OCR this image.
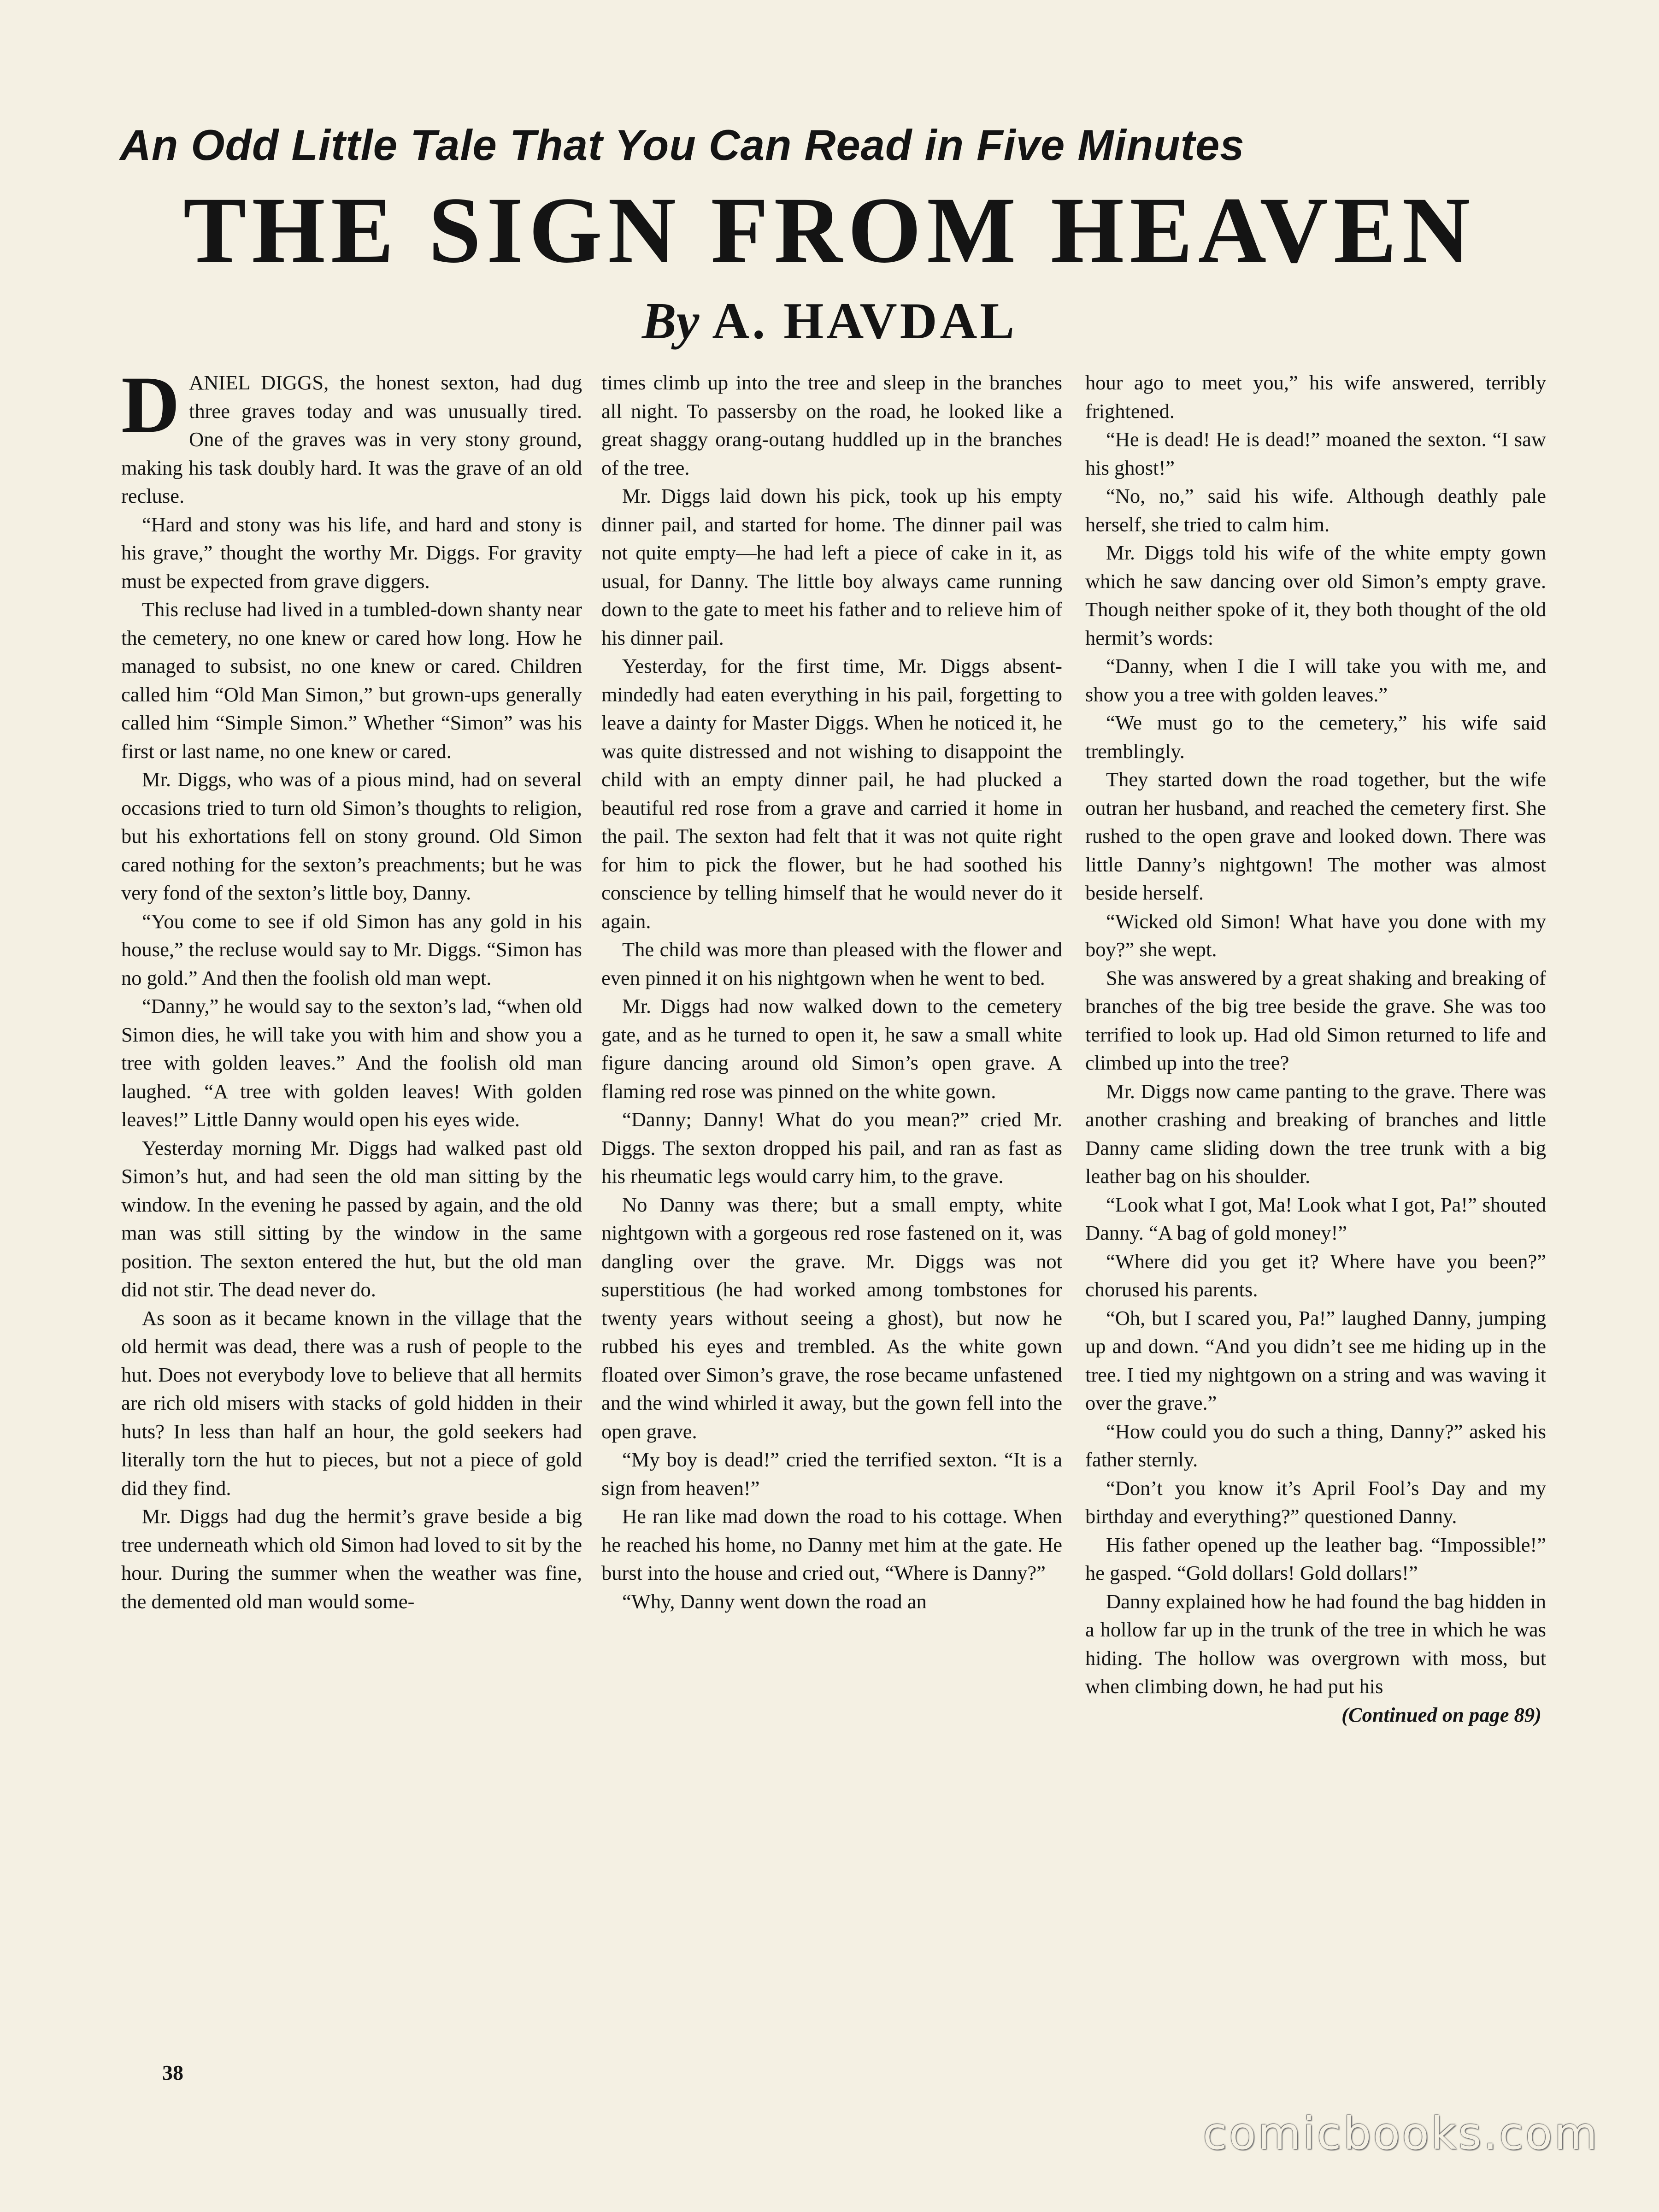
An Odd Little Tale That You Can Read in Five Minutes
THE SIGN FROM HEAVEN
By A. HAVDAL

DANIEL DIGGS, the honest sexton, had dug three graves today and was unusually tired. One of the graves was in very stony ground, making his task doubly hard. It was the grave of an old recluse.

“Hard and stony was his life, and hard and stony is his grave,” thought the worthy Mr. Diggs. For gravity must be expected from grave diggers.

This recluse had lived in a tumbled-down shanty near the cemetery, no one knew or cared how long. How he managed to subsist, no one knew or cared. Children called him “Old Man Simon,” but grown-ups generally called him “Simple Simon.” Whether “Simon” was his first or last name, no one knew or cared.

Mr. Diggs, who was of a pious mind, had on several occasions tried to turn old Simon’s thoughts to religion, but his exhortations fell on stony ground. Old Simon cared nothing for the sexton’s preachments; but he was very fond of the sexton’s little boy, Danny.

“You come to see if old Simon has any gold in his house,” the recluse would say to Mr. Diggs. “Simon has no gold.” And then the foolish old man wept.

“Danny,” he would say to the sexton’s lad, “when old Simon dies, he will take you with him and show you a tree with golden leaves.” And the foolish old man laughed. “A tree with golden leaves! With golden leaves!” Little Danny would open his eyes wide.

Yesterday morning Mr. Diggs had walked past old Simon’s hut, and had seen the old man sitting by the window. In the evening he passed by again, and the old man was still sitting by the window in the same position. The sexton entered the hut, but the old man did not stir. The dead never do.

As soon as it became known in the village that the old hermit was dead, there was a rush of people to the hut. Does not everybody love to believe that all hermits are rich old misers with stacks of gold hidden in their huts? In less than half an hour, the gold seekers had literally torn the hut to pieces, but not a piece of gold did they find.

Mr. Diggs had dug the hermit’s grave beside a big tree underneath which old Simon had loved to sit by the hour. During the summer when the weather was fine, the demented old man would some-

times climb up into the tree and sleep in the branches all night. To passersby on the road, he looked like a great shaggy orang-outang huddled up in the branches of the tree.

Mr. Diggs laid down his pick, took up his empty dinner pail, and started for home. The dinner pail was not quite empty—he had left a piece of cake in it, as usual, for Danny. The little boy always came running down to the gate to meet his father and to relieve him of his dinner pail.

Yesterday, for the first time, Mr. Diggs absent-mindedly had eaten everything in his pail, forgetting to leave a dainty for Master Diggs. When he noticed it, he was quite distressed and not wishing to disappoint the child with an empty dinner pail, he had plucked a beautiful red rose from a grave and carried it home in the pail. The sexton had felt that it was not quite right for him to pick the flower, but he had soothed his conscience by telling himself that he would never do it again.

The child was more than pleased with the flower and even pinned it on his nightgown when he went to bed.

Mr. Diggs had now walked down to the cemetery gate, and as he turned to open it, he saw a small white figure dancing around old Simon’s open grave. A flaming red rose was pinned on the white gown.

“Danny; Danny! What do you mean?” cried Mr. Diggs. The sexton dropped his pail, and ran as fast as his rheumatic legs would carry him, to the grave.

No Danny was there; but a small empty, white nightgown with a gorgeous red rose fastened on it, was dangling over the grave. Mr. Diggs was not superstitious (he had worked among tombstones for twenty years without seeing a ghost), but now he rubbed his eyes and trembled. As the white gown floated over Simon’s grave, the rose became unfastened and the wind whirled it away, but the gown fell into the open grave.

“My boy is dead!” cried the terrified sexton. “It is a sign from heaven!”

He ran like mad down the road to his cottage. When he reached his home, no Danny met him at the gate. He burst into the house and cried out, “Where is Danny?”

“Why, Danny went down the road an

hour ago to meet you,” his wife answered, terribly frightened.

“He is dead! He is dead!” moaned the sexton. “I saw his ghost!”

“No, no,” said his wife. Although deathly pale herself, she tried to calm him.

Mr. Diggs told his wife of the white empty gown which he saw dancing over old Simon’s empty grave. Though neither spoke of it, they both thought of the old hermit’s words:

“Danny, when I die I will take you with me, and show you a tree with golden leaves.”

“We must go to the cemetery,” his wife said tremblingly.

They started down the road together, but the wife outran her husband, and reached the cemetery first. She rushed to the open grave and looked down. There was little Danny’s nightgown! The mother was almost beside herself.

“Wicked old Simon! What have you done with my boy?” she wept.

She was answered by a great shaking and breaking of branches of the big tree beside the grave. She was too terrified to look up. Had old Simon returned to life and climbed up into the tree?

Mr. Diggs now came panting to the grave. There was another crashing and breaking of branches and little Danny came sliding down the tree trunk with a big leather bag on his shoulder.

“Look what I got, Ma! Look what I got, Pa!” shouted Danny. “A bag of gold money!”

“Where did you get it? Where have you been?” chorused his parents.

“Oh, but I scared you, Pa!” laughed Danny, jumping up and down. “And you didn’t see me hiding up in the tree. I tied my nightgown on a string and was waving it over the grave.”

“How could you do such a thing, Danny?” asked his father sternly.

“Don’t you know it’s April Fool’s Day and my birthday and everything?” questioned Danny.

His father opened up the leather bag. “Impossible!” he gasped. “Gold dollars! Gold dollars!”

Danny explained how he had found the bag hidden in a hollow far up in the trunk of the tree in which he was hiding. The hollow was overgrown with moss, but when climbing down, he had put his

(Continued on page 89)
38
comicbooks.com
